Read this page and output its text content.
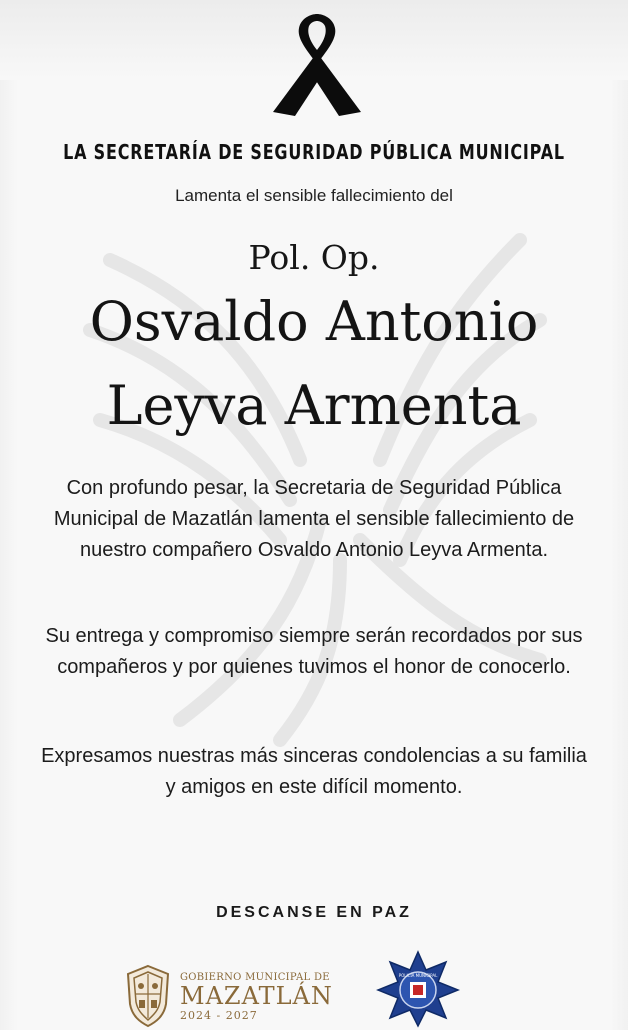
LA SECRETARÍA DE SEGURIDAD PÚBLICA MUNICIPAL
Lamenta el sensible fallecimiento del
Pol. Op.
Osvaldo Antonio
Leyva Armenta
Con profundo pesar, la Secretaria de Seguridad Pública Municipal de Mazatlán lamenta el sensible fallecimiento de nuestro compañero Osvaldo Antonio Leyva Armenta.
Su entrega y compromiso siempre serán recordados por sus compañeros y por quienes tuvimos el honor de conocerlo.
Expresamos nuestras más sinceras condolencias a su familia y amigos en este difícil momento.
DESCANSE EN PAZ
GOBIERNO MUNICIPAL DE
MAZATLÁN
2024 - 2027
POLICÍA MUNICIPAL
